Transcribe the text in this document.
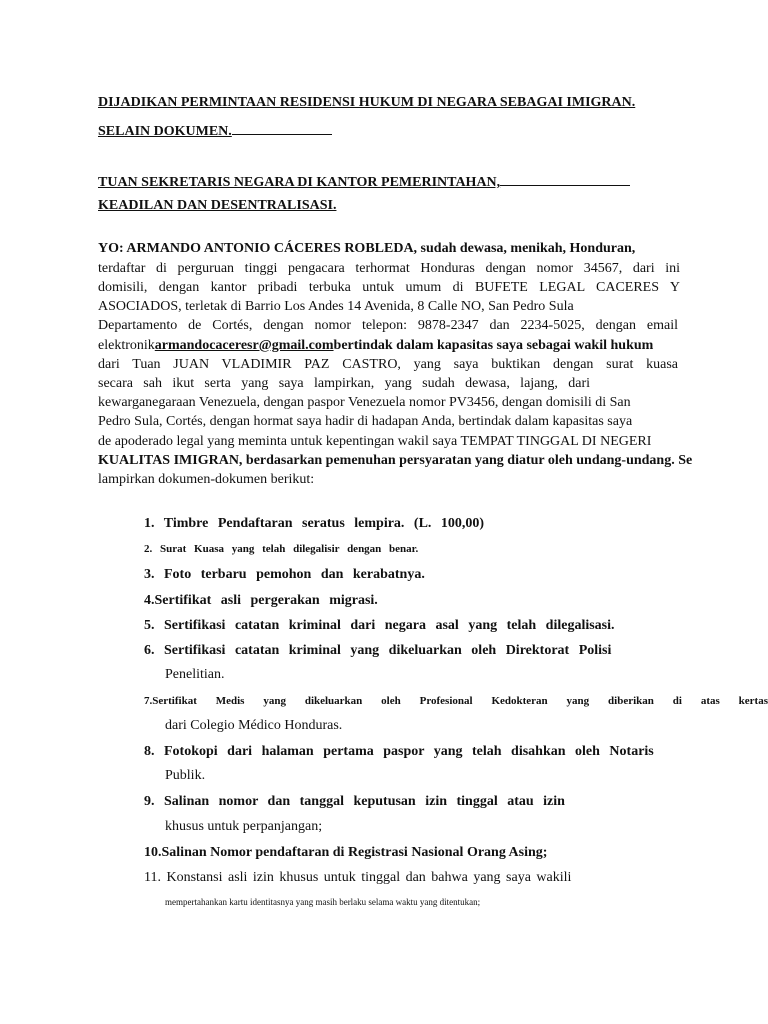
DIJADIKAN PERMINTAAN RESIDENSI HUKUM DI NEGARA SEBAGAI IMIGRAN.
SELAIN DOKUMEN.
TUAN SEKRETARIS NEGARA DI KANTOR PEMERINTAHAN,
KEADILAN DAN DESENTRALISASI.
YO: ARMANDO ANTONIO CÁCERES ROBLEDA, sudah dewasa, menikah, Honduran,
terdaftar di perguruan tinggi pengacara terhormat Honduras dengan nomor 34567, dari ini
domisili, dengan kantor pribadi terbuka untuk umum di BUFETE LEGAL CACERES Y
ASOCIADOS, terletak di Barrio Los Andes 14 Avenida, 8 Calle NO, San Pedro Sula
Departamento de Cortés, dengan nomor telepon: 9878-2347 dan 2234-5025, dengan email
elektronikarmandocaceresr@gmail.combertindak dalam kapasitas saya sebagai wakil hukum
dari Tuan JUAN VLADIMIR PAZ CASTRO, yang saya buktikan dengan surat kuasa
secara sah ikut serta yang saya lampirkan, yang sudah dewasa, lajang, dari
kewarganegaraan Venezuela, dengan paspor Venezuela nomor PV3456, dengan domisili di San
Pedro Sula, Cortés, dengan hormat saya hadir di hadapan Anda, bertindak dalam kapasitas saya
de apoderado legal yang meminta untuk kepentingan wakil saya TEMPAT TINGGAL DI NEGERI
KUALITAS IMIGRAN, berdasarkan pemenuhan persyaratan yang diatur oleh undang-undang. Se
lampirkan dokumen-dokumen berikut:
1. Timbre Pendaftaran seratus lempira. (L. 100,00)
2. Surat Kuasa yang telah dilegalisir dengan benar.
3. Foto terbaru pemohon dan kerabatnya.
4.Sertifikat asli pergerakan migrasi.
5. Sertifikasi catatan kriminal dari negara asal yang telah dilegalisasi.
6. Sertifikasi catatan kriminal yang dikeluarkan oleh Direktorat Polisi
Penelitian.
7.Sertifikat Medis yang dikeluarkan oleh Profesional Kedokteran yang diberikan di atas kertas
dari Colegio Médico Honduras.
8. Fotokopi dari halaman pertama paspor yang telah disahkan oleh Notaris
Publik.
9. Salinan nomor dan tanggal keputusan izin tinggal atau izin
khusus untuk perpanjangan;
10.Salinan Nomor pendaftaran di Registrasi Nasional Orang Asing;
11. Konstansi asli izin khusus untuk tinggal dan bahwa yang saya wakili
mempertahankan kartu identitasnya yang masih berlaku selama waktu yang ditentukan;
